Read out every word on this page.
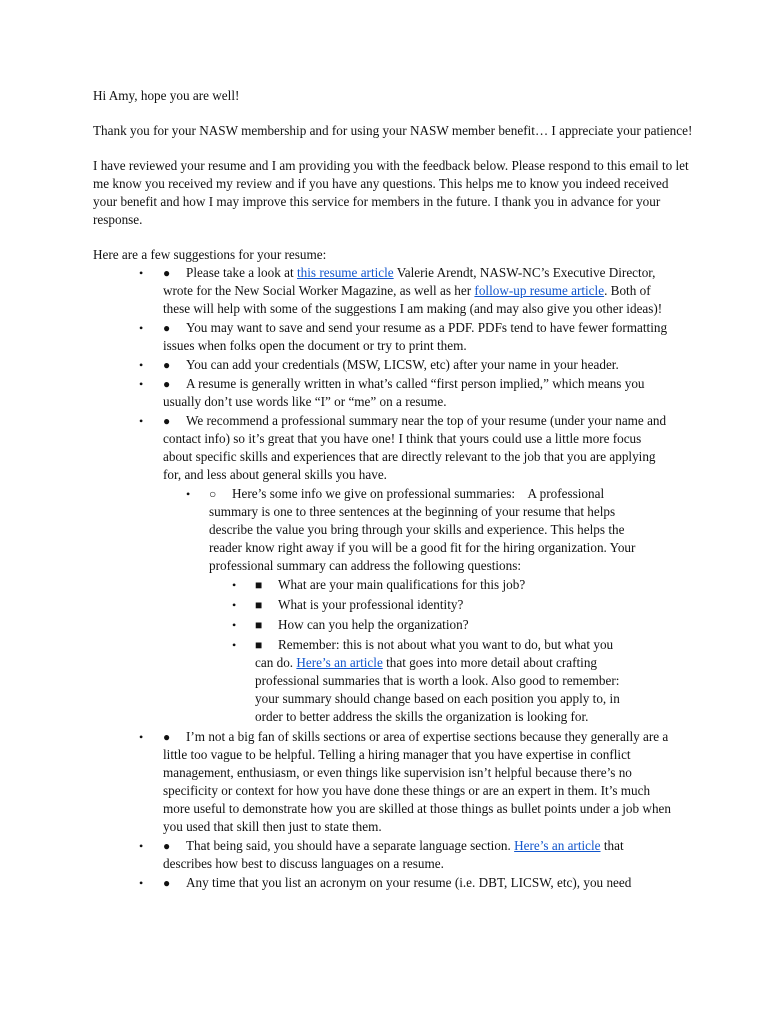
Hi Amy, hope you are well!

Thank you for your NASW membership and for using your NASW member benefit… I appreciate your patience!

I have reviewed your resume and I am providing you with the feedback below. Please respond to this email to let me know you received my review and if you have any questions. This helps me to know you indeed received your benefit and how I may improve this service for members in the future. I thank you in advance for your response.

Here are a few suggestions for your resume:

• ● Please take a look at this resume article Valerie Arendt, NASW-NC’s Executive Director, wrote for the New Social Worker Magazine, as well as her follow-up resume article. Both of these will help with some of the suggestions I am making (and may also give you other ideas)!
• ● You may want to save and send your resume as a PDF. PDFs tend to have fewer formatting issues when folks open the document or try to print them.
• ● You can add your credentials (MSW, LICSW, etc) after your name in your header.
• ● A resume is generally written in what’s called “first person implied,” which means you usually don’t use words like “I” or “me” on a resume.
• ● We recommend a professional summary near the top of your resume (under your name and contact info) so it’s great that you have one! I think that yours could use a little more focus about specific skills and experiences that are directly relevant to the job that you are applying for, and less about general skills you have.
• ○ Here’s some info we give on professional summaries:    A professional summary is one to three sentences at the beginning of your resume that helps describe the value you bring through your skills and experience. This helps the reader know right away if you will be a good fit for the hiring organization. Your professional summary can address the following questions:
• ■ What are your main qualifications for this job?
• ■ What is your professional identity?
• ■ How can you help the organization?
• ■ Remember: this is not about what you want to do, but what you can do. Here’s an article that goes into more detail about crafting professional summaries that is worth a look. Also good to remember: your summary should change based on each position you apply to, in order to better address the skills the organization is looking for.
• ● I’m not a big fan of skills sections or area of expertise sections because they generally are a little too vague to be helpful. Telling a hiring manager that you have expertise in conflict management, enthusiasm, or even things like supervision isn’t helpful because there’s no specificity or context for how you have done these things or are an expert in them. It’s much more useful to demonstrate how you are skilled at those things as bullet points under a job when you used that skill then just to state them.
• ● That being said, you should have a separate language section. Here’s an article that describes how best to discuss languages on a resume.
• ● Any time that you list an acronym on your resume (i.e. DBT, LICSW, etc), you need
